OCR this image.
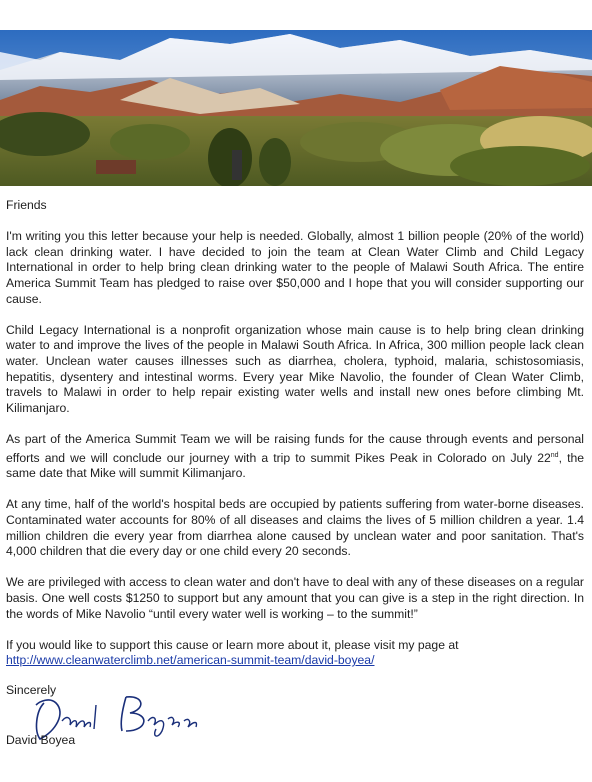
Friends

I'm writing you this letter because your help is needed. Globally, almost 1 billion people (20% of the world) lack clean drinking water. I have decided to join the team at Clean Water Climb and Child Legacy International in order to help bring clean drinking water to the people of Malawi South Africa. The entire America Summit Team has pledged to raise over $50,000 and I hope that you will consider supporting our cause.

Child Legacy International is a nonprofit organization whose main cause is to help bring clean drinking water to and improve the lives of the people in Malawi South Africa. In Africa, 300 million people lack clean water. Unclean water causes illnesses such as diarrhea, cholera, typhoid, malaria, schistosomiasis, hepatitis, dysentery and intestinal worms. Every year Mike Navolio, the founder of Clean Water Climb, travels to Malawi in order to help repair existing water wells and install new ones before climbing Mt. Kilimanjaro.

As part of the America Summit Team we will be raising funds for the cause through events and personal efforts and we will conclude our journey with a trip to summit Pikes Peak in Colorado on July 22nd, the same date that Mike will summit Kilimanjaro.

At any time, half of the world's hospital beds are occupied by patients suffering from water-borne diseases. Contaminated water accounts for 80% of all diseases and claims the lives of 5 million children a year. 1.4 million children die every year from diarrhea alone caused by unclean water and poor sanitation. That's 4,000 children that die every day or one child every 20 seconds.

We are privileged with access to clean water and don't have to deal with any of these diseases on a regular basis. One well costs $1250 to support but any amount that you can give is a step in the right direction. In the words of Mike Navolio “until every water well is working – to the summit!”

If you would like to support this cause or learn more about it, please visit my page at
http://www.cleanwaterclimb.net/american-summit-team/david-boyea/

Sincerely
David Boyea
